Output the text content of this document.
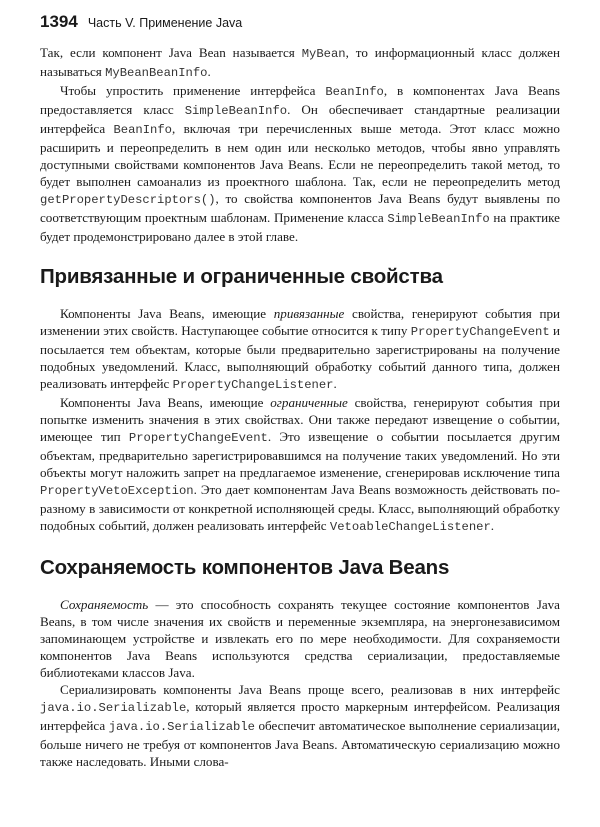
1394 Часть V. Применение Java

Так, если компонент Java Bean называется MyBean, то информационный класс должен называться MyBeanBeanInfo.

Чтобы упростить применение интерфейса BeanInfo, в компонентах Java Beans предоставляется класс SimpleBeanInfo. Он обеспечивает стандартные реализации интерфейса BeanInfo, включая три перечисленных выше метода. Этот класс можно расширить и переопределить в нем один или несколько методов, чтобы явно управлять доступными свойствами компонентов Java Beans. Если не переопределить такой метод, то будет выполнен самоанализ из проектного шаблона. Так, если не переопределить метод getPropertyDescriptors(), то свойства компонентов Java Beans будут выявлены по соответствующим проектным шаблонам. Применение класса SimpleBeanInfo на практике будет продемонстрировано далее в этой главе.

Привязанные и ограниченные свойства

Компоненты Java Beans, имеющие привязанные свойства, генерируют события при изменении этих свойств. Наступающее событие относится к типу PropertyChangeEvent и посылается тем объектам, которые были предварительно зарегистрированы на получение подобных уведомлений. Класс, выполняющий обработку событий данного типа, должен реализовать интерфейс PropertyChangeListener.

Компоненты Java Beans, имеющие ограниченные свойства, генерируют события при попытке изменить значения в этих свойствах. Они также передают извещение о событии, имеющее тип PropertyChangeEvent. Это извещение о событии посылается другим объектам, предварительно зарегистрировавшимся на получение таких уведомлений. Но эти объекты могут наложить запрет на предлагаемое изменение, сгенерировав исключение типа PropertyVetoException. Это дает компонентам Java Beans возможность действовать по-разному в зависимости от конкретной исполняющей среды. Класс, выполняющий обработку подобных событий, должен реализовать интерфейс VetoableChangeListener.

Сохраняемость компонентов Java Beans

Сохраняемость — это способность сохранять текущее состояние компонентов Java Beans, в том числе значения их свойств и переменные экземпляра, на энергонезависимом запоминающем устройстве и извлекать его по мере необходимости. Для сохраняемости компонентов Java Beans используются средства сериализации, предоставляемые библиотеками классов Java.

Сериализировать компоненты Java Beans проще всего, реализовав в них интерфейс java.io.Serializable, который является просто маркерным интерфейсом. Реализация интерфейса java.io.Serializable обеспечит автоматическое выполнение сериализации, больше ничего не требуя от компонентов Java Beans. Автоматическую сериализацию можно также наследовать. Иными слова-
